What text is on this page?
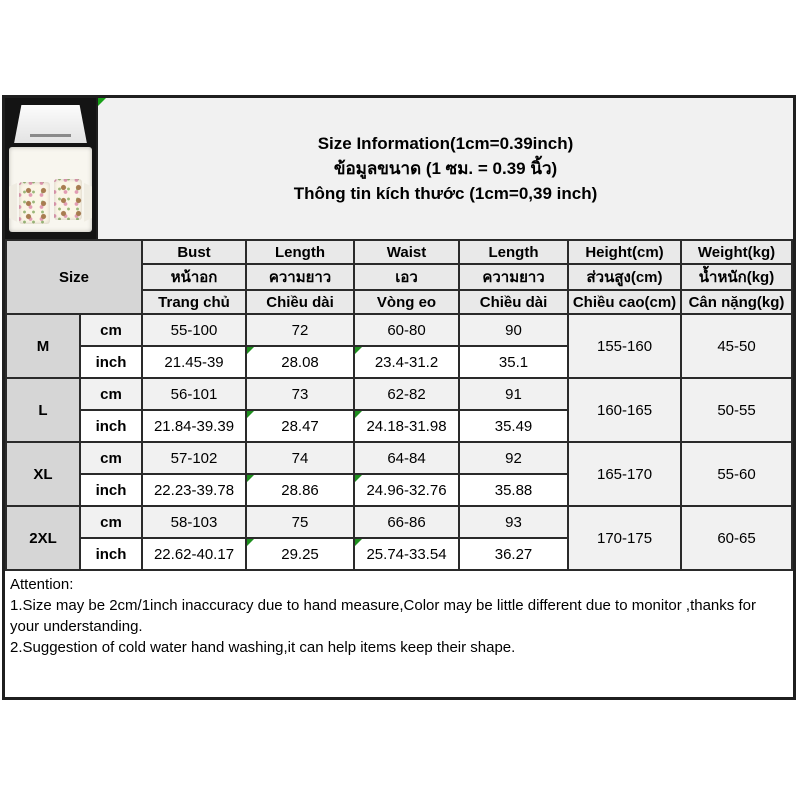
Size Information(1cm=0.39inch)
ข้อมูลขนาด (1 ซม. = 0.39 นิ้ว)
Thông tin kích thước (1cm=0,39 inch)
Size		Bust	Length	Waist	Length	Height(cm)	Weight(kg)
		หน้าอก	ความยาว	เอว	ความยาว	ส่วนสูง(cm)	น้ำหนัก(kg)
		Trang chủ	Chiều dài	Vòng eo	Chiều dài	Chiều cao(cm)	Cân nặng(kg)
M	cm	55-100	72	60-80	90	155-160	45-50
	inch	21.45-39	28.08	23.4-31.2	35.1		
L	cm	56-101	73	62-82	91	160-165	50-55
	inch	21.84-39.39	28.47	24.18-31.98	35.49		
XL	cm	57-102	74	64-84	92	165-170	55-60
	inch	22.23-39.78	28.86	24.96-32.76	35.88		
2XL	cm	58-103	75	66-86	93	170-175	60-65
	inch	22.62-40.17	29.25	25.74-33.54	36.27		
Attention:
1.Size may be 2cm/1inch inaccuracy due to hand measure,Color may be little different due to monitor ,thanks for your understanding.
2.Suggestion of cold water hand washing,it can help items keep their shape.
